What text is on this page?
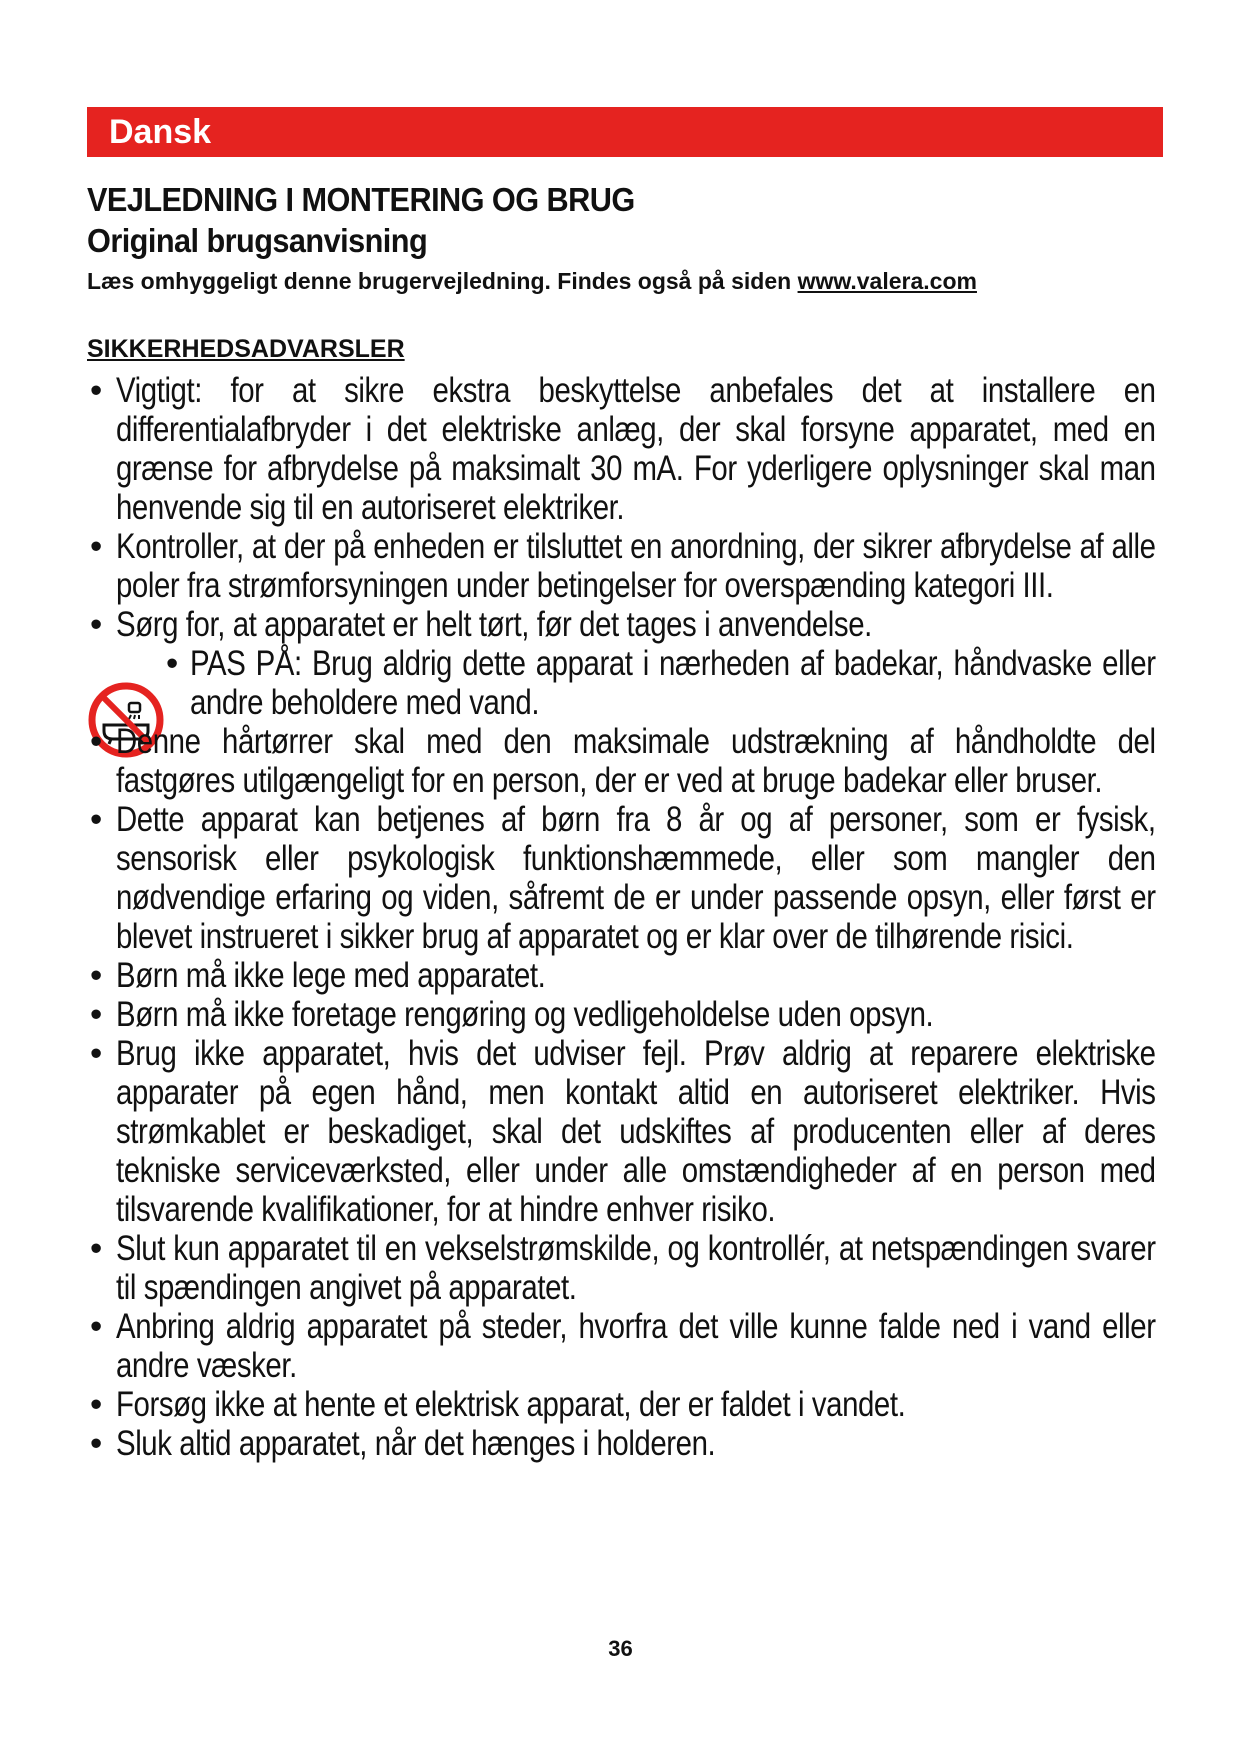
Dansk
VEJLEDNING I MONTERING OG BRUG
Original brugsanvisning
Læs omhyggeligt denne brugervejledning. Findes også på siden www.valera.com
SIKKERHEDSADVARSLER
• Vigtigt: for at sikre ekstra beskyttelse anbefales det at installere en differentialafbryder i det elektriske anlæg, der skal forsyne apparatet, med en grænse for afbrydelse på maksimalt 30 mA. For yderligere oplysninger skal man henvende sig til en autoriseret elektriker.
• Kontroller, at der på enheden er tilsluttet en anordning, der sikrer afbrydelse af alle poler fra strømforsyningen under betingelser for overspænding kategori III.
• Sørg for, at apparatet er helt tørt, før det tages i anvendelse.
• PAS PÅ: Brug aldrig dette apparat i nærheden af badekar, håndvaske eller andre beholdere med vand.
• Denne hårtørrer skal med den maksimale udstrækning af håndholdte del fastgøres utilgængeligt for en person, der er ved at bruge badekar eller bruser.
• Dette apparat kan betjenes af børn fra 8 år og af personer, som er fysisk, sensorisk eller psykologisk funktionshæmmede, eller som mangler den nødvendige erfaring og viden, såfremt de er under passende opsyn, eller først er blevet instrueret i sikker brug af apparatet og er klar over de tilhørende risici.
• Børn må ikke lege med apparatet.
• Børn må ikke foretage rengøring og vedligeholdelse uden opsyn.
• Brug ikke apparatet, hvis det udviser fejl. Prøv aldrig at reparere elektriske apparater på egen hånd, men kontakt altid en autoriseret elektriker. Hvis strømkablet er beskadiget, skal det udskiftes af producenten eller af deres tekniske serviceværksted, eller under alle omstændigheder af en person med tilsvarende kvalifikationer, for at hindre enhver risiko.
• Slut kun apparatet til en vekselstrømskilde, og kontrollér, at netspændingen svarer til spændingen angivet på apparatet.
• Anbring aldrig apparatet på steder, hvorfra det ville kunne falde ned i vand eller andre væsker.
• Forsøg ikke at hente et elektrisk apparat, der er faldet i vandet.
• Sluk altid apparatet, når det hænges i holderen.
36
